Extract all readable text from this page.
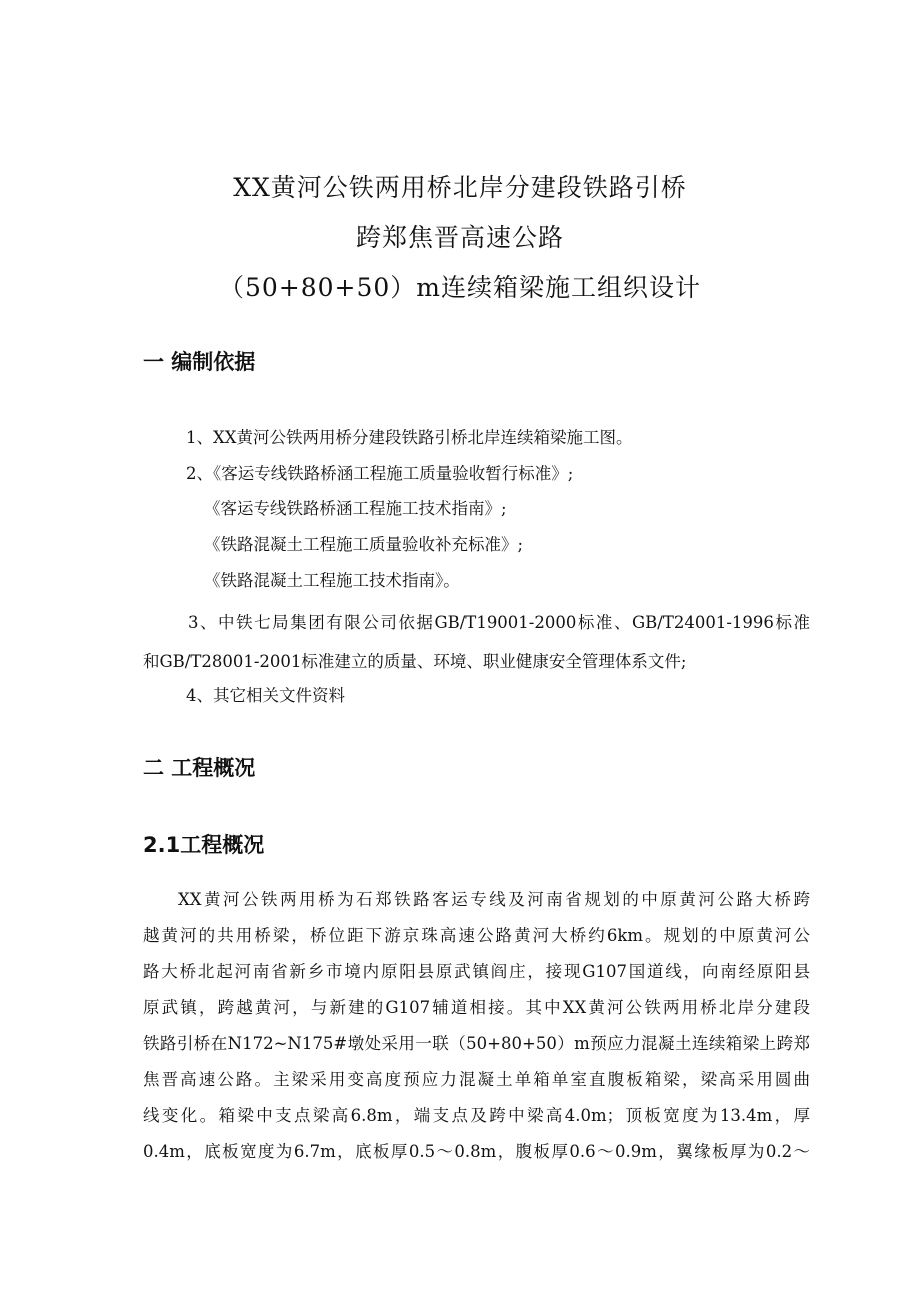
XX黄河公铁两用桥北岸分建段铁路引桥
跨郑焦晋高速公路
（50+80+50）m连续箱梁施工组织设计
一 编制依据
1、XX黄河公铁两用桥分建段铁路引桥北岸连续箱梁施工图。
2、《客运专线铁路桥涵工程施工质量验收暂行标准》;
《客运专线铁路桥涵工程施工技术指南》;
《铁路混凝土工程施工质量验收补充标准》;
《铁路混凝土工程施工技术指南》。
3、中铁七局集团有限公司依据GB/T19001-2000标准、GB/T24001-1996标准
和GB/T28001-2001标准建立的质量、环境、职业健康安全管理体系文件;
4、其它相关文件资料
二 工程概况
2.1工程概况
XX黄河公铁两用桥为石郑铁路客运专线及河南省规划的中原黄河公路大桥跨
越黄河的共用桥梁，桥位距下游京珠高速公路黄河大桥约6km。规划的中原黄河公
路大桥北起河南省新乡市境内原阳县原武镇阎庄，接现G107国道线，向南经原阳县
原武镇，跨越黄河，与新建的G107辅道相接。其中XX黄河公铁两用桥北岸分建段
铁路引桥在N172~N175#墩处采用一联（50+80+50）m预应力混凝土连续箱梁上跨郑
焦晋高速公路。主梁采用变高度预应力混凝土单箱单室直腹板箱梁，梁高采用圆曲
线变化。箱梁中支点梁高6.8m，端支点及跨中梁高4.0m；顶板宽度为13.4m，厚
0.4m，底板宽度为6.7m，底板厚0.5～0.8m，腹板厚0.6～0.9m，翼缘板厚为0.2～
